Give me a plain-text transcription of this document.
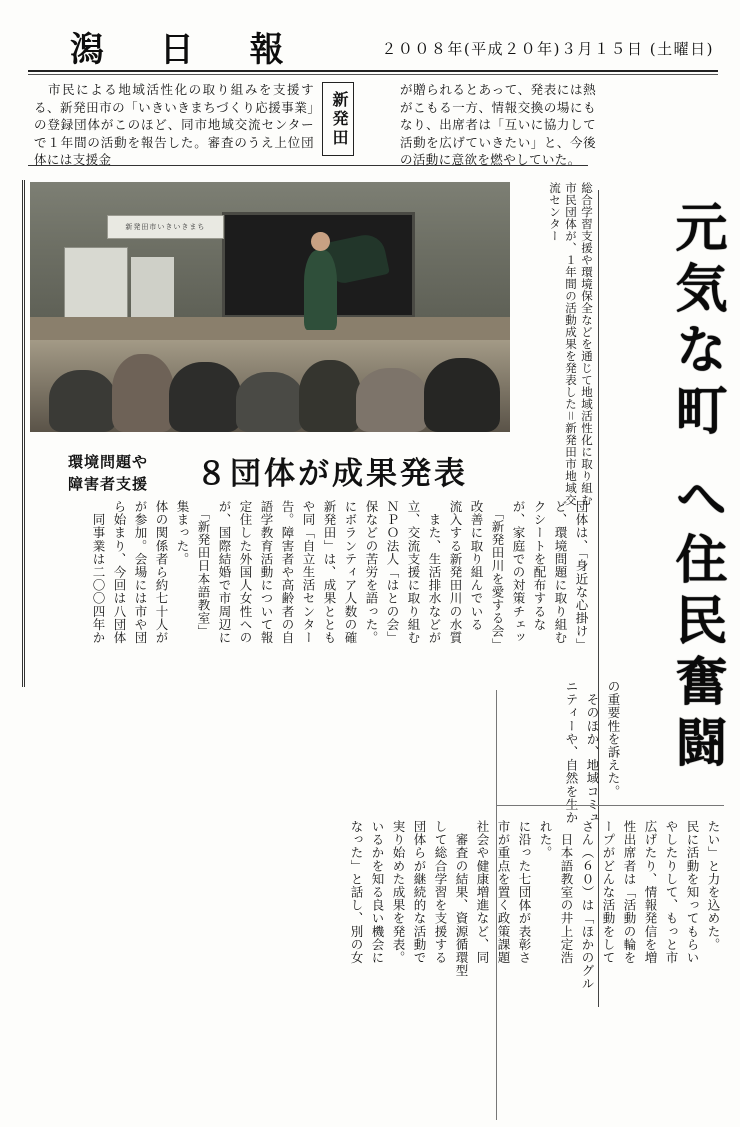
潟 日 報	２００８年(平成２０年)３月１５日 (土曜日)
　市民による地域活性化の取り組みを支援する、新発田市の「いきいきまちづくり応援事業」の登録団体がこのほど、同市地域交流センターで１年間の活動を報告した。審査のうえ上位団体には支援金
が贈られるとあって、発表には熱がこもる一方、情報交換の場にもなり、出席者は「互いに協力して活動を広げていきたい」と、今後の活動に意欲を燃やしていた。
新発田
新発田市いきいきまち	総合学習支援や環境保全などを通じて地域活性化に取り組む市民団体が、１年間の活動成果を発表した＝新発田市地域交流センター	元気な町 へ住民奮闘
環境問題や
障害者支援 ８団体が成果発表
団体は、「身近な心掛け」
ど、環境問題に取り組む
クシートを配布するな
が、家庭での対策チェッ
　「新発田川を愛する会」
改善に取り組んでいる
流入する新発田川の水質
　また、生活排水などが
立、交流支援に取り組む
ＮＰＯ法人「はとの会」
保などの苦労を語った。
にボランティア人数の確
新発田」は、成果ととも
や同「自立生活センター
告。障害者や高齢者の自
語学教育活動について報
定住した外国人女性への
が、国際結婚で市周辺に
　「新発田日本語教室」
集まった。
体の関係者ら約七十人が
が参加。会場には市や団
ら始まり、今回は八団体
　同事業は二〇〇四年か
の重要性を訴えた。
　そのほか、地域コミュ
ニティーや、自然を生か
たい」と力を込めた。
民に活動を知ってもらい
やしたりして、もっと市
広げたり、情報発信を増
性出席者は「活動の輪を
ープがどんな活動をして
さん（６０）は「ほかのグル
　日本語教室の井上定浩
れた。
に沿った七団体が表彰さ
市が重点を置く政策課題
社会や健康増進など、同
　審査の結果、資源循環型
して総合学習を支援する
団体らが継続的な活動で
実り始めた成果を発表。
いるかを知る良い機会に
なった」と話し、別の女
